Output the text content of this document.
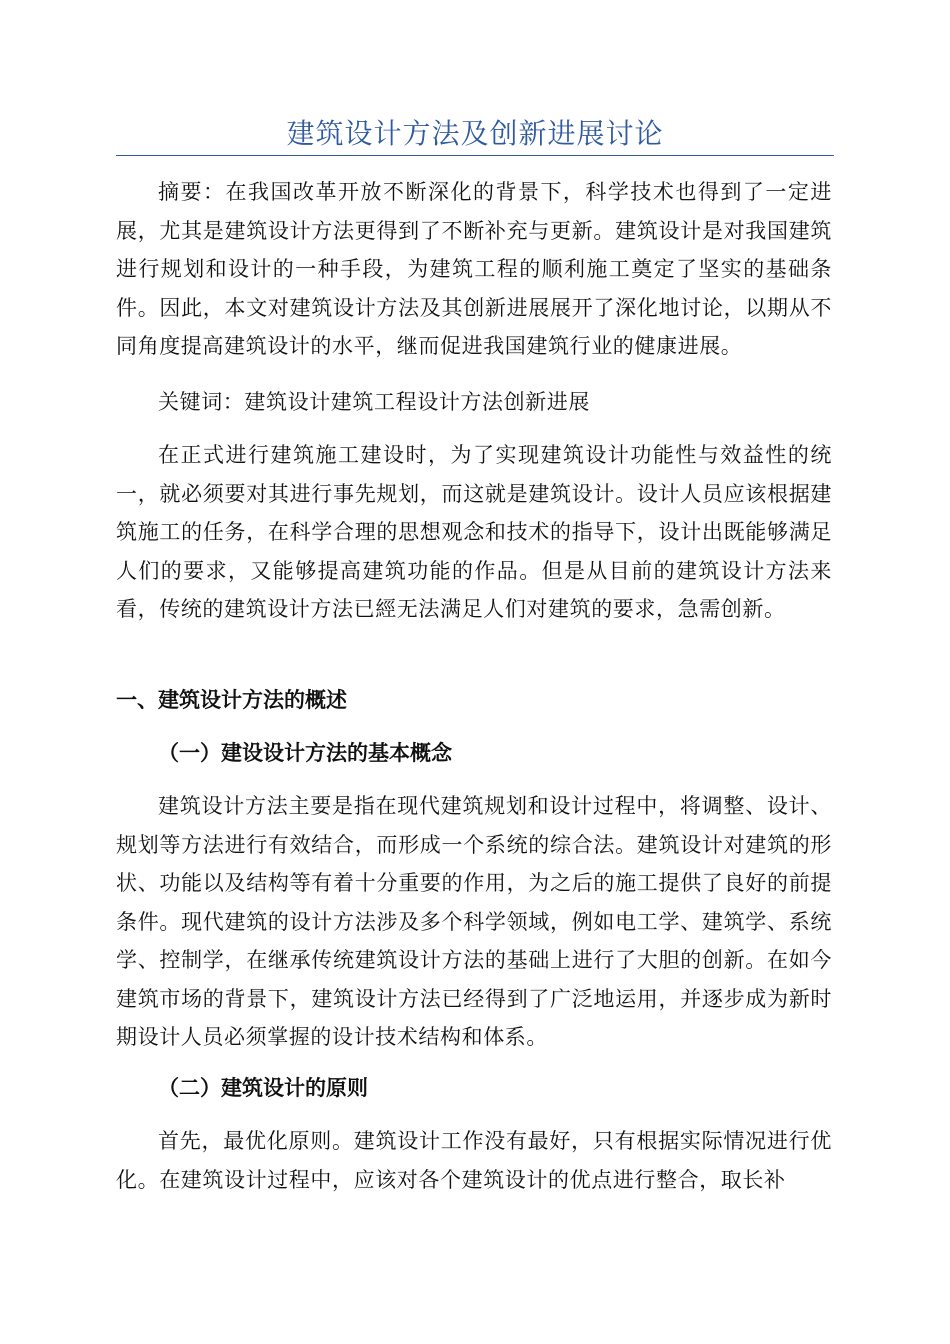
建筑设计方法及创新进展讨论

摘要：在我国改革开放不断深化的背景下，科学技术也得到了一定进展，尤其是建筑设计方法更得到了不断补充与更新。建筑设计是对我国建筑进行规划和设计的一种手段，为建筑工程的顺利施工奠定了坚实的基础条件。因此，本文对建筑设计方法及其创新进展展开了深化地讨论，以期从不同角度提高建筑设计的水平，继而促进我国建筑行业的健康进展。

关键词：建筑设计建筑工程设计方法创新进展

在正式进行建筑施工建设时，为了实现建筑设计功能性与效益性的统一，就必须要对其进行事先规划，而这就是建筑设计。设计人员应该根据建筑施工的任务，在科学合理的思想观念和技术的指导下，设计出既能够满足人们的要求，又能够提高建筑功能的作品。但是从目前的建筑设计方法来看，传统的建筑设计方法已經无法满足人们对建筑的要求，急需创新。

一、建筑设计方法的概述
（一）建设设计方法的基本概念

建筑设计方法主要是指在现代建筑规划和设计过程中，将调整、设计、规划等方法进行有效结合，而形成一个系统的综合法。建筑设计对建筑的形状、功能以及结构等有着十分重要的作用，为之后的施工提供了良好的前提条件。现代建筑的设计方法涉及多个科学领域，例如电工学、建筑学、系统学、控制学，在继承传统建筑设计方法的基础上进行了大胆的创新。在如今建筑市场的背景下，建筑设计方法已经得到了广泛地运用，并逐步成为新时期设计人员必须掌握的设计技术结构和体系。

（二）建筑设计的原则

首先，最优化原则。建筑设计工作没有最好，只有根据实际情况进行优化。在建筑设计过程中，应该对各个建筑设计的优点进行整合，取长补
